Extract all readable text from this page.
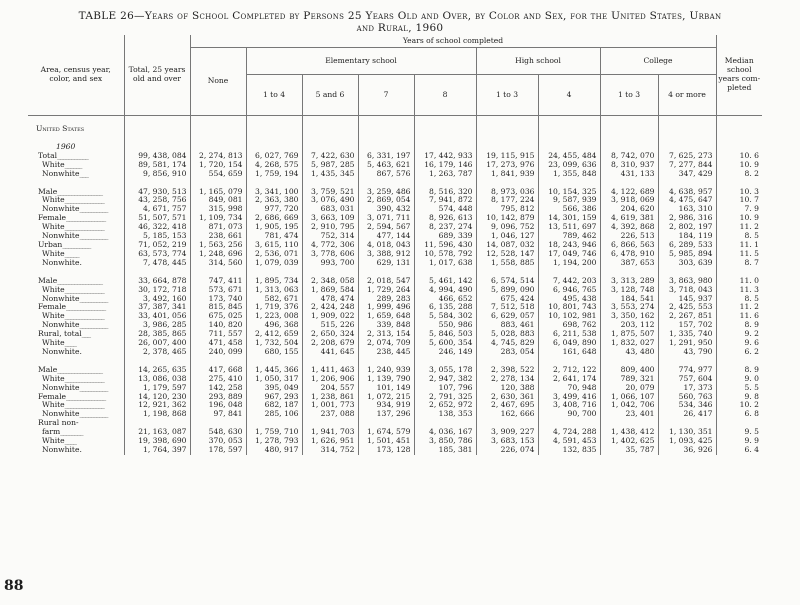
TABLE 26—Years of School Completed by Persons 25 Years Old and Over, by Color and Sex, for the United States, Urban
and Rural, 1960
Area, census year, color, and sex	Total, 25 years old and over	Years of school completed									Median school years com- pleted
		None	Elementary school				High school		College		
			1 to 4	5 and 6	7	8	1 to 3	4	1 to 3	4 or more	

United States											

1960											
Total___________	99, 438, 084	2, 274, 813	6, 027, 769	7, 422, 630	6, 331, 197	17, 442, 933	19, 115, 915	24, 455, 484	8, 742, 070	7, 625, 273	10. 6
White______	89, 581, 174	1, 720, 154	4, 268, 575	5, 987, 285	5, 463, 621	16, 179, 146	17, 273, 976	23, 099, 636	8, 310, 937	7, 277, 844	10. 9
Nonwhite___	9, 856, 910	554, 659	1, 759, 194	1, 435, 345	867, 576	1, 263, 787	1, 841, 939	1, 355, 848	431, 133	347, 429	8. 2

Male________________	47, 930, 513	1, 165, 079	3, 341, 100	3, 759, 521	3, 259, 486	8, 516, 320	8, 973, 036	10, 154, 325	4, 122, 689	4, 638, 957	10. 3
White______________	43, 258, 756	849, 081	2, 363, 380	3, 076, 490	2, 869, 054	7, 941, 872	8, 177, 224	9, 587, 939	3, 918, 069	4, 475, 647	10. 7
Nonwhite__________	4, 671, 757	315, 998	977, 720	683, 031	390, 432	574, 448	795, 812	566, 386	204, 620	163, 310	7. 9
Female______________	51, 507, 571	1, 109, 734	2, 686, 669	3, 663, 109	3, 071, 711	8, 926, 613	10, 142, 879	14, 301, 159	4, 619, 381	2, 986, 316	10. 9
White______________	46, 322, 418	871, 073	1, 905, 195	2, 910, 795	2, 594, 567	8, 237, 274	9, 096, 752	13, 511, 697	4, 392, 868	2, 802, 197	11. 2
Nonwhite__________	5, 185, 153	238, 661	781, 474	752, 314	477, 144	689, 339	1, 046, 127	789, 462	226, 513	184, 119	8. 5
Urban__________	71, 052, 219	1, 563, 256	3, 615, 110	4, 772, 306	4, 018, 043	11, 596, 430	14, 087, 032	18, 243, 946	6, 866, 563	6, 289, 533	11. 1
White_____	63, 573, 774	1, 248, 696	2, 536, 071	3, 778, 606	3, 388, 912	10, 578, 792	12, 528, 147	17, 049, 746	6, 478, 910	5, 985, 894	11. 5
Nonwhite.	7, 478, 445	314, 560	1, 079, 039	993, 700	629, 131	1, 017, 638	1, 558, 885	1, 194, 200	387, 653	303, 639	8. 7

Male________________	33, 664, 878	747, 411	1, 895, 734	2, 348, 058	2, 018, 547	5, 461, 142	6, 574, 514	7, 442, 203	3, 313, 289	3, 863, 980	11. 0
White______________	30, 172, 718	573, 671	1, 313, 063	1, 869, 584	1, 729, 264	4, 994, 490	5, 899, 090	6, 946, 765	3, 128, 748	3, 718, 043	11. 3
Nonwhite__________	3, 492, 160	173, 740	582, 671	478, 474	289, 283	466, 652	675, 424	495, 438	184, 541	145, 937	8. 5
Female______________	37, 387, 341	815, 845	1, 719, 376	2, 424, 248	1, 999, 496	6, 135, 288	7, 512, 518	10, 801, 743	3, 553, 274	2, 425, 553	11. 2
White______________	33, 401, 056	675, 025	1, 223, 008	1, 909, 022	1, 659, 648	5, 584, 302	6, 629, 057	10, 102, 981	3, 350, 162	2, 267, 851	11. 6
Nonwhite__________	3, 986, 285	140, 820	496, 368	515, 226	339, 848	550, 986	883, 461	698, 762	203, 112	157, 702	8. 9
Rural, total___	28, 385, 865	711, 557	2, 412, 659	2, 650, 324	2, 313, 154	5, 846, 503	5, 028, 883	6, 211, 538	1, 875, 507	1, 335, 740	9. 2
White____	26, 007, 400	471, 458	1, 732, 504	2, 208, 679	2, 074, 709	5, 600, 354	4, 745, 829	6, 049, 890	1, 832, 027	1, 291, 950	9. 6
Nonwhite.	2, 378, 465	240, 099	680, 155	441, 645	238, 445	246, 149	283, 054	161, 648	43, 480	43, 790	6. 2

Male________________	14, 265, 635	417, 668	1, 445, 366	1, 411, 463	1, 240, 939	3, 055, 178	2, 398, 522	2, 712, 122	809, 400	774, 977	8. 9
White______________	13, 086, 038	275, 410	1, 050, 317	1, 206, 906	1, 139, 790	2, 947, 382	2, 278, 134	2, 641, 174	789, 321	757, 604	9. 0
Nonwhite__________	1, 179, 597	142, 258	395, 049	204, 557	101, 149	107, 796	120, 388	70, 948	20, 079	17, 373	5. 5
Female______________	14, 120, 230	293, 889	967, 293	1, 238, 861	1, 072, 215	2, 791, 325	2, 630, 361	3, 499, 416	1, 066, 107	560, 763	9. 8
White______________	12, 921, 362	196, 048	682, 187	1, 001, 773	934, 919	2, 652, 972	2, 467, 695	3, 408, 716	1, 042, 706	534, 346	10. 2
Nonwhite__________	1, 198, 868	97, 841	285, 106	237, 088	137, 296	138, 353	162, 666	90, 700	23, 401	26, 417	6. 8
Rural non-											
farm________	21, 163, 087	548, 630	1, 759, 710	1, 941, 703	1, 674, 579	4, 036, 167	3, 909, 227	4, 724, 288	1, 438, 412	1, 130, 351	9. 5
White____	19, 398, 690	370, 053	1, 278, 793	1, 626, 951	1, 501, 451	3, 850, 786	3, 683, 153	4, 591, 453	1, 402, 625	1, 093, 425	9. 9
Nonwhite.	1, 764, 397	178, 597	480, 917	314, 752	173, 128	185, 381	226, 074	132, 835	35, 787	36, 926	6. 4
88
